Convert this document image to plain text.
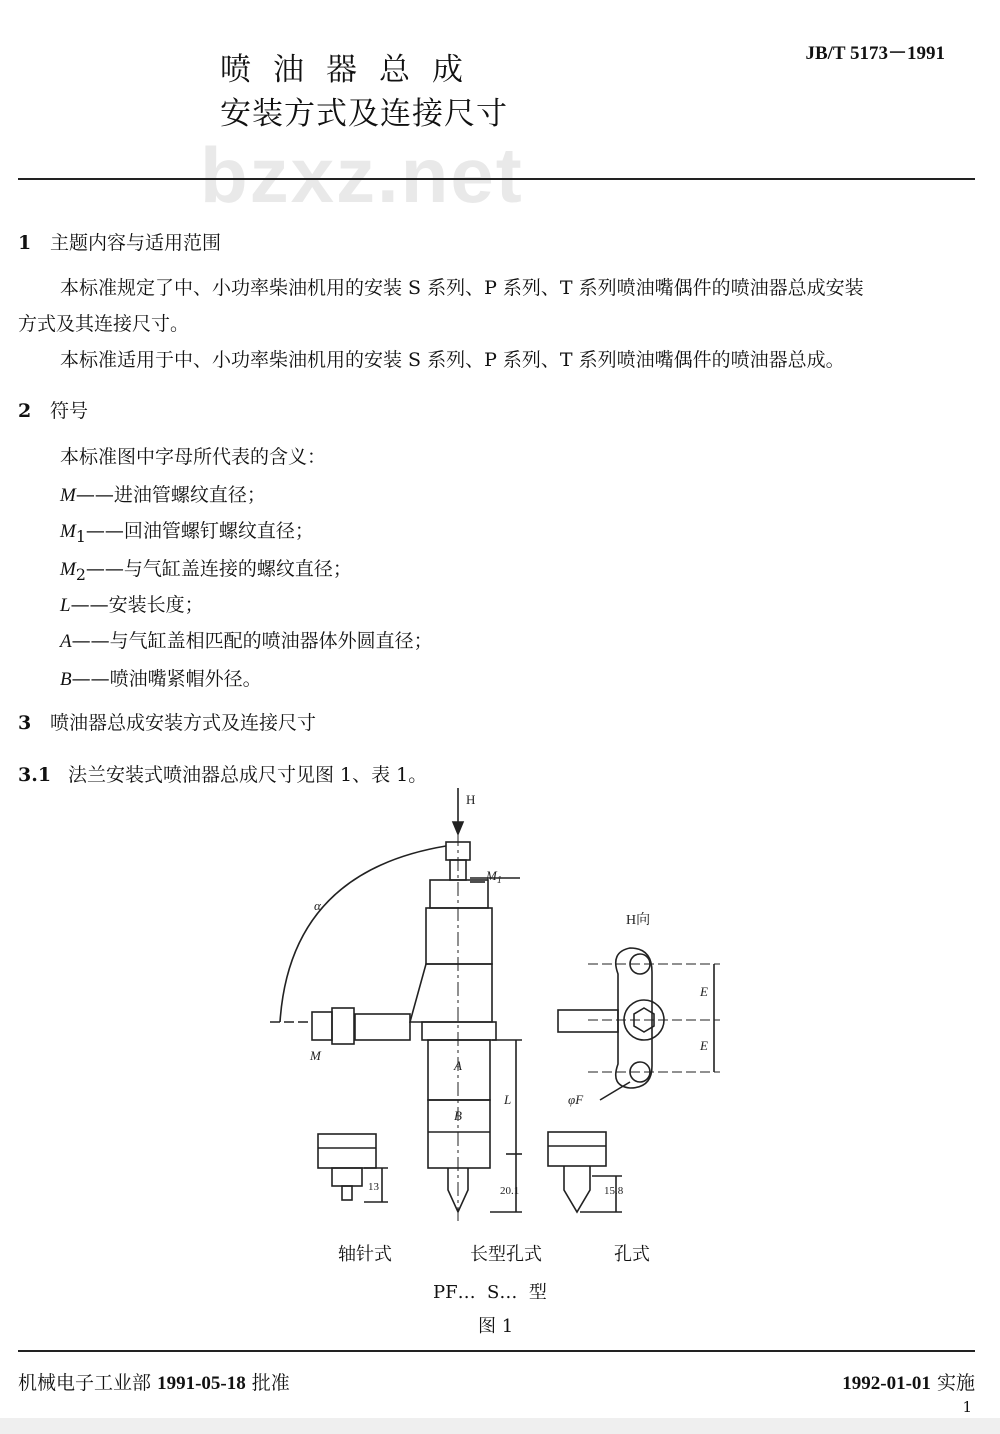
bzxz.net
喷油器总成
安装方式及连接尺寸
JB/T 5173－1991
1 主题内容与适用范围
本标准规定了中、小功率柴油机用的安装 S 系列、P 系列、T 系列喷油嘴偶件的喷油器总成安装
方式及其连接尺寸。
本标准适用于中、小功率柴油机用的安装 S 系列、P 系列、T 系列喷油嘴偶件的喷油器总成。
2 符号
本标准图中字母所代表的含义：
M——进油管螺纹直径；
$M_1——$回油管螺钉螺纹直径；
$M_2——$与气缸盖连接的螺纹直径；
L——安装长度；
A——与气缸盖相匹配的喷油器体外圆直径；
B——喷油嘴紧帽外径。
3 喷油器总成安装方式及连接尺寸
3.1 法兰安装式喷油器总成尺寸见图 1、表 1。
H
$M_1$
α
M
A
B
L
13	20.1	15.8
H向
E
E
φF
轴针式	长型孔式	孔式
PF…  S…  型
图 1
机械电子工业部 1991-05-18 批准	1992-01-01 实施
1
